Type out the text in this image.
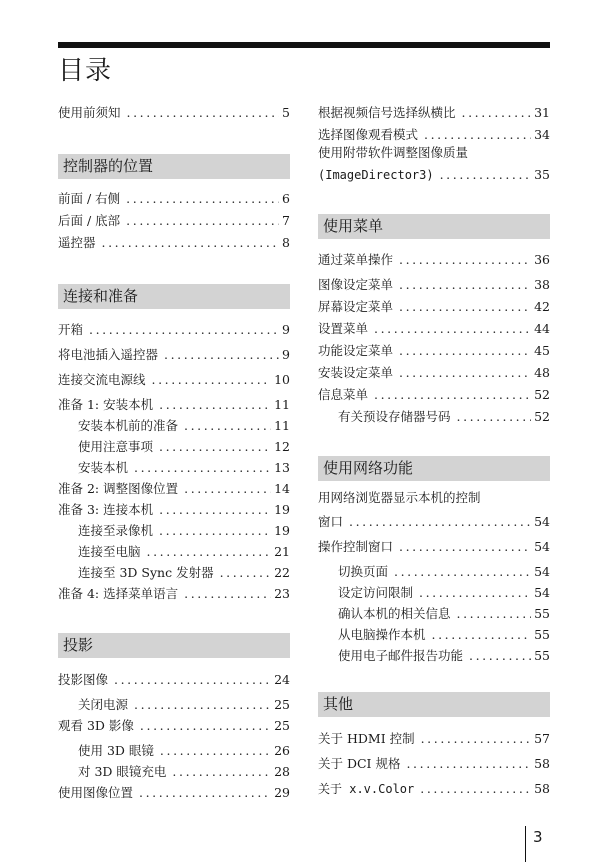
目录
使用前须知 .....	5
控制器的位置
前面 / 右侧 .....	6
后面 / 底部 .....	7
遥控器 .....	8
连接和准备
开箱 .....	9
将电池插入遥控器 .....	9
连接交流电源线 .....	10
准备 1: 安装本机 .....	11
安装本机前的准备 .....	11
使用注意事项 .....	12
安装本机 .....	13
准备 2: 调整图像位置 .....	14
准备 3: 连接本机 .....	19
连接至录像机 .....	19
连接至电脑 .....	21
连接至 3D Sync 发射器 .....	22
准备 4: 选择菜单语言 .....	23
投影
投影图像 .....	24
关闭电源 .....	25
观看 3D 影像 .....	25
使用 3D 眼镜 .....	26
对 3D 眼镜充电 .....	28
使用图像位置 .....	29
根据视频信号选择纵横比 .....	31
选择图像观看模式 .....	34
使用附带软件调整图像质量
(ImageDirector3) .....	35
使用菜单
通过菜单操作 .....	36
图像设定菜单 .....	38
屏幕设定菜单 .....	42
设置菜单 .....	44
功能设定菜单 .....	45
安装设定菜单 .....	48
信息菜单 .....	52
有关预设存储器号码 .....	52
使用网络功能
用网络浏览器显示本机的控制
窗口 .....	54
操作控制窗口 .....	54
切换页面 .....	54
设定访问限制 .....	54
确认本机的相关信息 .....	55
从电脑操作本机 .....	55
使用电子邮件报告功能 .....	55
其他
关于 HDMI 控制 .....	57
关于 DCI 规格 .....	58
关于 x.v.Color .....	58
3
